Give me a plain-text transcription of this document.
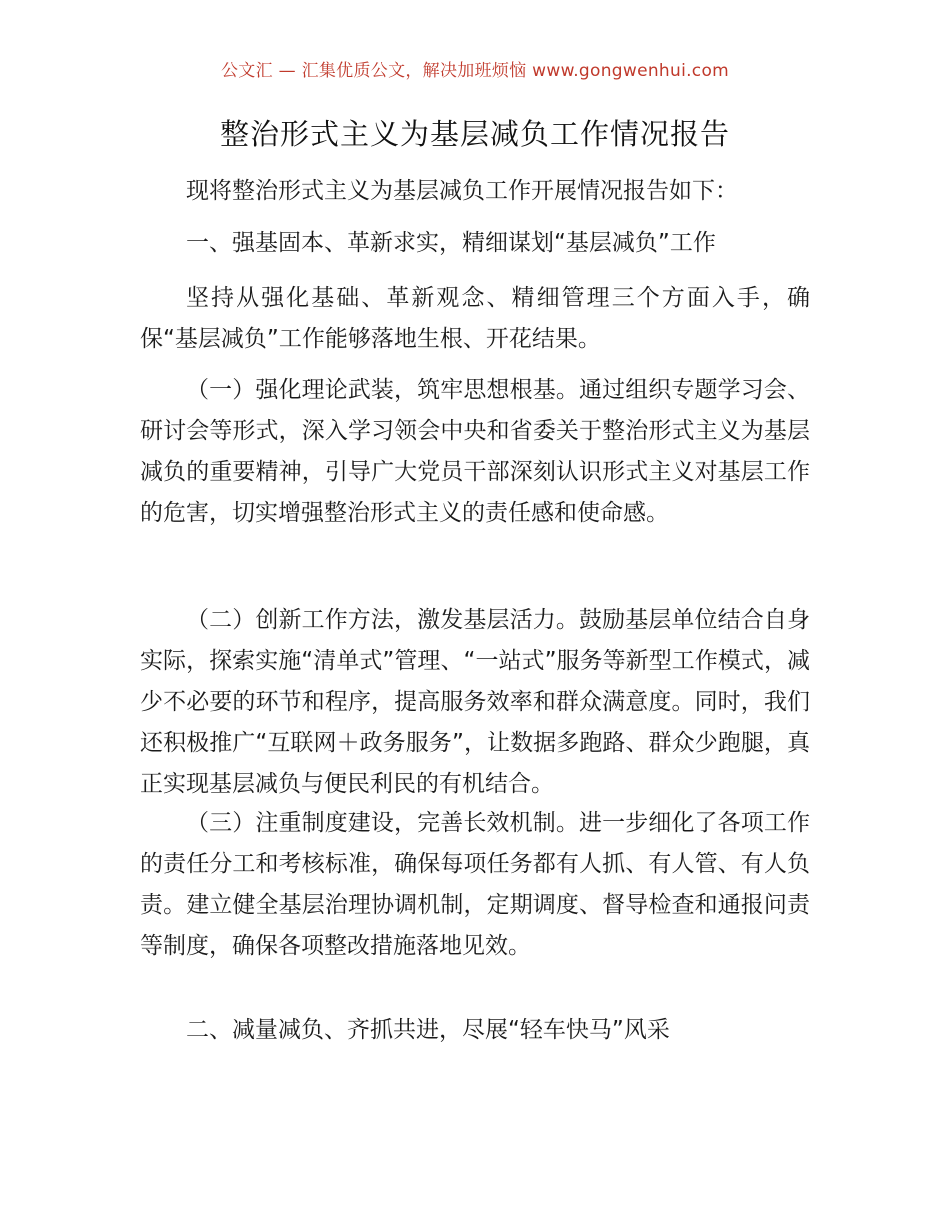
公文汇 — 汇集优质公文，解决加班烦恼 www.gongwenhui.com
整治形式主义为基层减负工作情况报告

现将整治形式主义为基层减负工作开展情况报告如下：

一、强基固本、革新求实，精细谋划“基层减负”工作

坚持从强化基础、革新观念、精细管理三个方面入手，确保“基层减负”工作能够落地生根、开花结果。

（一）强化理论武装，筑牢思想根基。通过组织专题学习会、研讨会等形式，深入学习领会中央和省委关于整治形式主义为基层减负的重要精神，引导广大党员干部深刻认识形式主义对基层工作的危害，切实增强整治形式主义的责任感和使命感。

（二）创新工作方法，激发基层活力。鼓励基层单位结合自身实际，探索实施“清单式”管理、“一站式”服务等新型工作模式，减少不必要的环节和程序，提高服务效率和群众满意度。同时，我们还积极推广“互联网＋政务服务”，让数据多跑路、群众少跑腿，真正实现基层减负与便民利民的有机结合。

（三）注重制度建设，完善长效机制。进一步细化了各项工作的责任分工和考核标准，确保每项任务都有人抓、有人管、有人负责。建立健全基层治理协调机制，定期调度、督导检查和通报问责等制度，确保各项整改措施落地见效。

二、减量减负、齐抓共进，尽展“轻车快马”风采
